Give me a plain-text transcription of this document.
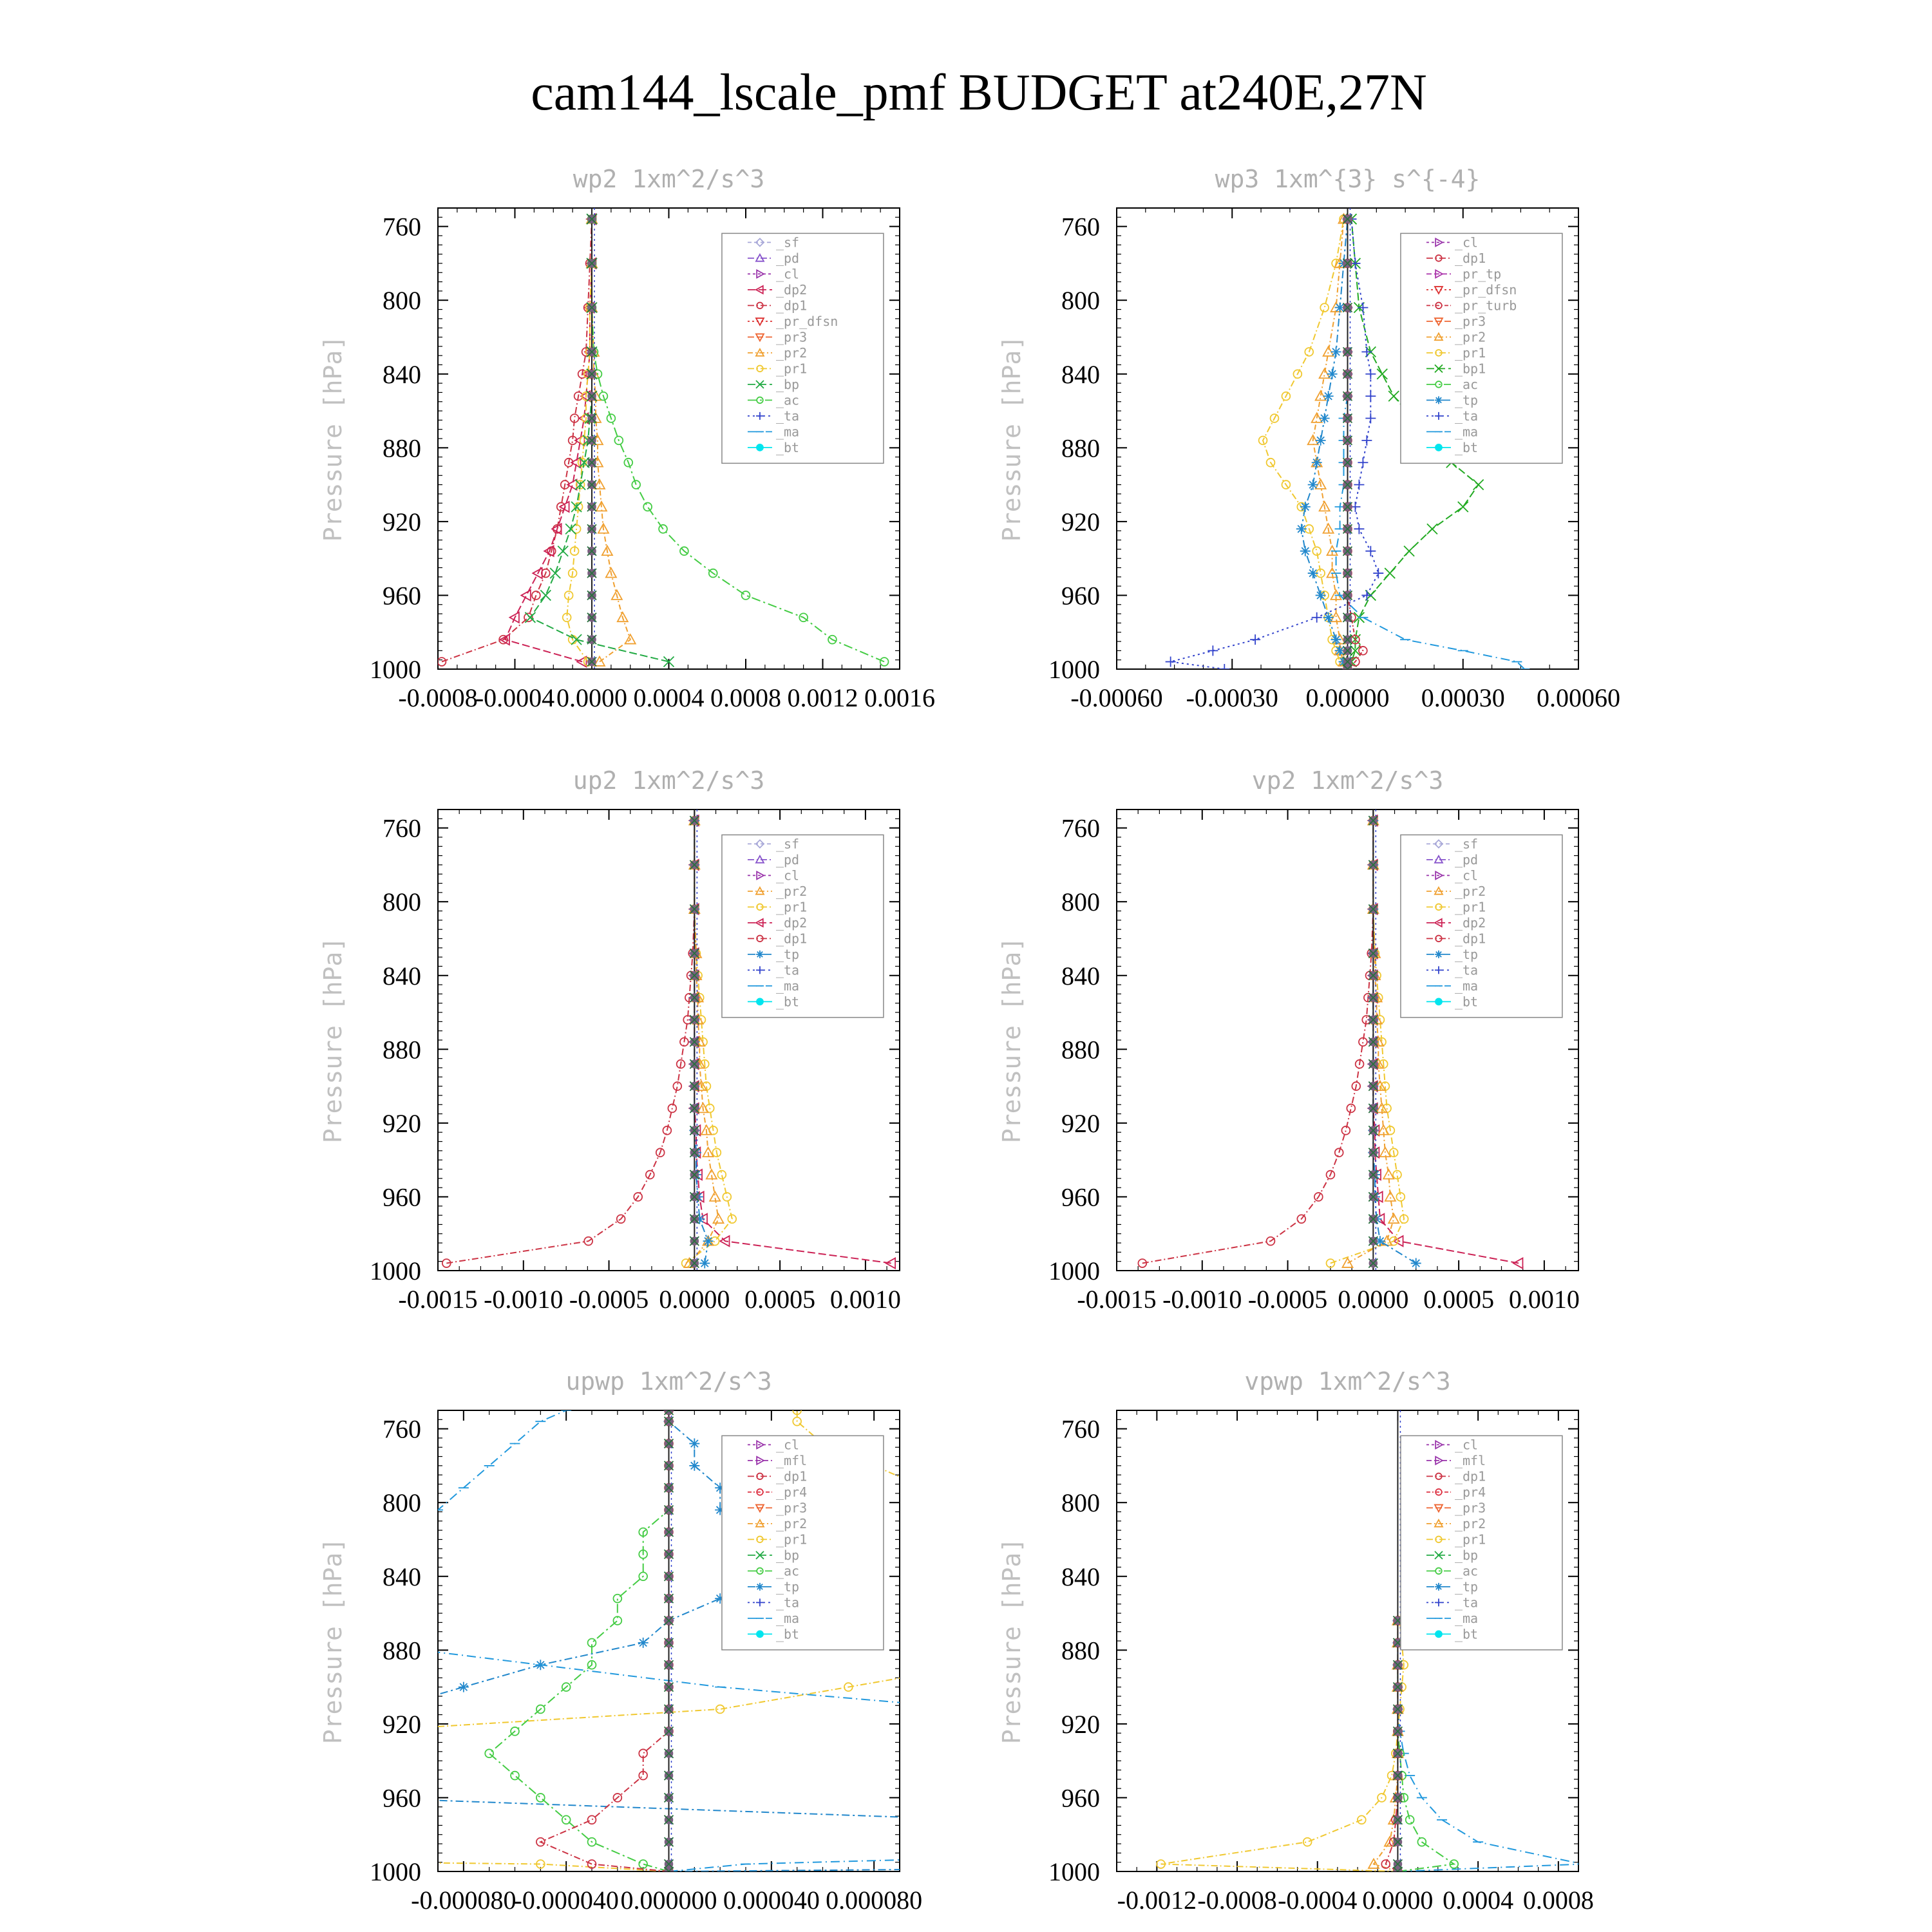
cam144_lscale_pmf BUDGET at240E,27N
wp2 1xm^2/s^3
Pressure [hPa]
760
800
840
880
920
960
1000
-0.0008
-0.0004 0.0000 0.0004 0.0008 0.0012 0.0016
_sf
_pd
_cl
_dp2
_dp1
_pr_dfsn
_pr3
_pr2
_pr1
_bp
_ac
_ta
_ma
_bt
wp3 1xm^{3} s^{-4}
Pressure [hPa]
760
800
840
880
920
960
1000
-0.00060 -0.00030 0.00000 0.00030 0.00060
_cl
_dp1
_pr_tp
_pr_dfsn
_pr_turb
_pr3
_pr2
_pr1
_bp1
_ac
_tp
_ta
_ma
_bt
up2 1xm^2/s^3
Pressure [hPa]
760
800
840
880
920
960
1000
-0.0015 -0.0010 -0.0005 0.0000 0.0005 0.0010
_sf
_pd
_cl
_pr2
_pr1
_dp2
_dp1
_tp
_ta
_ma
_bt
vp2 1xm^2/s^3
Pressure [hPa]
760
800
840
880
920
960
1000
-0.0015 -0.0010 -0.0005 0.0000 0.0005 0.0010
_sf
_pd
_cl
_pr2
_pr1
_dp2
_dp1
_tp
_ta
_ma
_bt
upwp 1xm^2/s^3
Pressure [hPa]
760
800
840
880
920
960
1000
-0.000080
-0.000040 0.000000 0.000040 0.000080
_cl
_mfl
_dp1
_pr4
_pr3
_pr2
_pr1
_bp
_ac
_tp
_ta
_ma
_bt
vpwp 1xm^2/s^3
Pressure [hPa]
760
800
840
880
920
960
1000
-0.0012 -0.0008 -0.0004 0.0000 0.0004 0.0008
_cl
_mfl
_dp1
_pr4
_pr3
_pr2
_pr1
_bp
_ac
_tp
_ta
_ma
_bt
